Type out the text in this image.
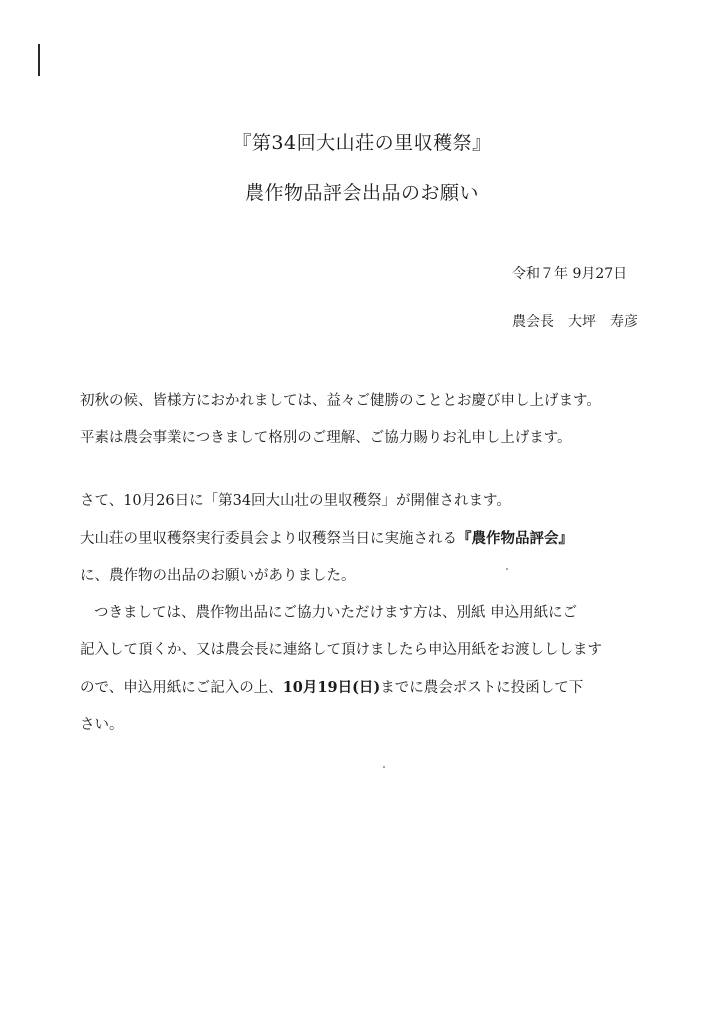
『第34回大山荘の里収穫祭』
農作物品評会出品のお願い
令和７年 9月27日
農会長　大坪　寿彦
初秋の候、皆様方におかれましては、益々ご健勝のこととお慶び申し上げます。
平素は農会事業につきまして格別のご理解、ご協力賜りお礼申し上げます。
さて、10月26日に「第34回大山壮の里収穫祭」が開催されます。
大山荘の里収穫祭実行委員会より収穫祭当日に実施される『農作物品評会』
に、農作物の出品のお願いがありました。
つきましては、農作物出品にご協力いただけます方は、別紙 申込用紙にご
記入して頂くか、又は農会長に連絡して頂けましたら申込用紙をお渡ししします
ので、申込用紙にご記入の上、10月19日(日)までに農会ポストに投函して下
さい。
